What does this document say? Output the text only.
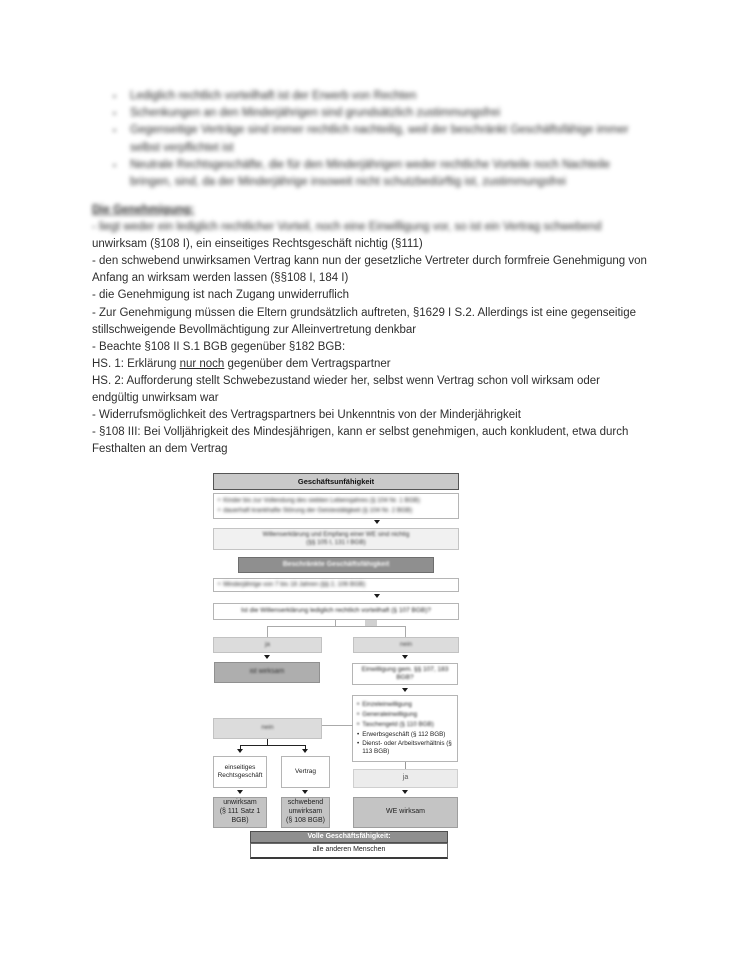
•	Lediglich rechtlich vorteilhaft ist der Erwerb von Rechten
•	Schenkungen an den Minderjährigen sind grundsätzlich zustimmungsfrei
•	Gegenseitige Verträge sind immer rechtlich nachteilig, weil der beschränkt Geschäftsfähige immer
selbst verpflichtet ist
•	Neutrale Rechtsgeschäfte, die für den Minderjährigen weder rechtliche Vorteile noch Nachteile
bringen, sind, da der Minderjährige insoweit nicht schutzbedürftig ist, zustimmungsfrei
Die Genehmigung:
- liegt weder ein lediglich rechtlicher Vorteil, noch eine Einwilligung vor, so ist ein Vertrag schwebend
unwirksam (§108 I), ein einseitiges Rechtsgeschäft nichtig (§111)
- den schwebend unwirksamen Vertrag kann nun der gesetzliche Vertreter durch formfreie Genehmigung von
Anfang an wirksam werden lassen (§§108 I, 184 I)
- die Genehmigung ist nach Zugang unwiderruflich
- Zur Genehmigung müssen die Eltern grundsätzlich auftreten, §1629 I S.2. Allerdings ist eine gegenseitige
stillschweigende Bevollmächtigung zur Alleinvertretung denkbar
- Beachte §108 II S.1 BGB gegenüber §182 BGB:
HS. 1: Erklärung nur noch gegenüber dem Vertragspartner
HS. 2: Aufforderung stellt Schwebezustand wieder her, selbst wenn Vertrag schon voll wirksam oder
endgültig unwirksam war
- Widerrufsmöglichkeit des Vertragspartners bei Unkenntnis von der Minderjährigkeit
- §108 III: Bei Volljährigkeit des Mindesjährigen, kann er selbst genehmigen, auch konkludent, etwa durch
Festhalten an dem Vertrag
Geschäftsunfähigkeit
• Kinder bis zur Vollendung des siebten Lebensjahres (§ 104 Nr. 1 BGB)
• dauerhaft krankhafte Störung der Geistestätigkeit (§ 104 Nr. 2 BGB)
Willenserklärung und Empfang einer WE sind nichtig
(§§ 105 I, 131 I BGB)
Beschränkte Geschäftsfähigkeit
• Minderjährige von 7 bis 18 Jahren (§§ 2, 106 BGB)
Ist die Willenserklärung lediglich rechtlich vorteilhaft (§ 107 BGB)?
ja	nein
ist wirksam	Einwilligung gem. §§ 107, 183 BGB?
• Einzeleinwilligung
• Generaleinwilligung
• Taschengeld (§ 110 BGB)
• Erwerbsgeschäft (§ 112 BGB)
• Dienst- oder Arbeitsverhältnis (§ 113 BGB)
nein
einseitiges
Rechtsgeschäft
Vertrag
ja
unwirksam
(§ 111 Satz 1 BGB)
schwebend
unwirksam
(§ 108 BGB)
WE wirksam
Volle Geschäftsfähigkeit:
alle anderen Menschen
